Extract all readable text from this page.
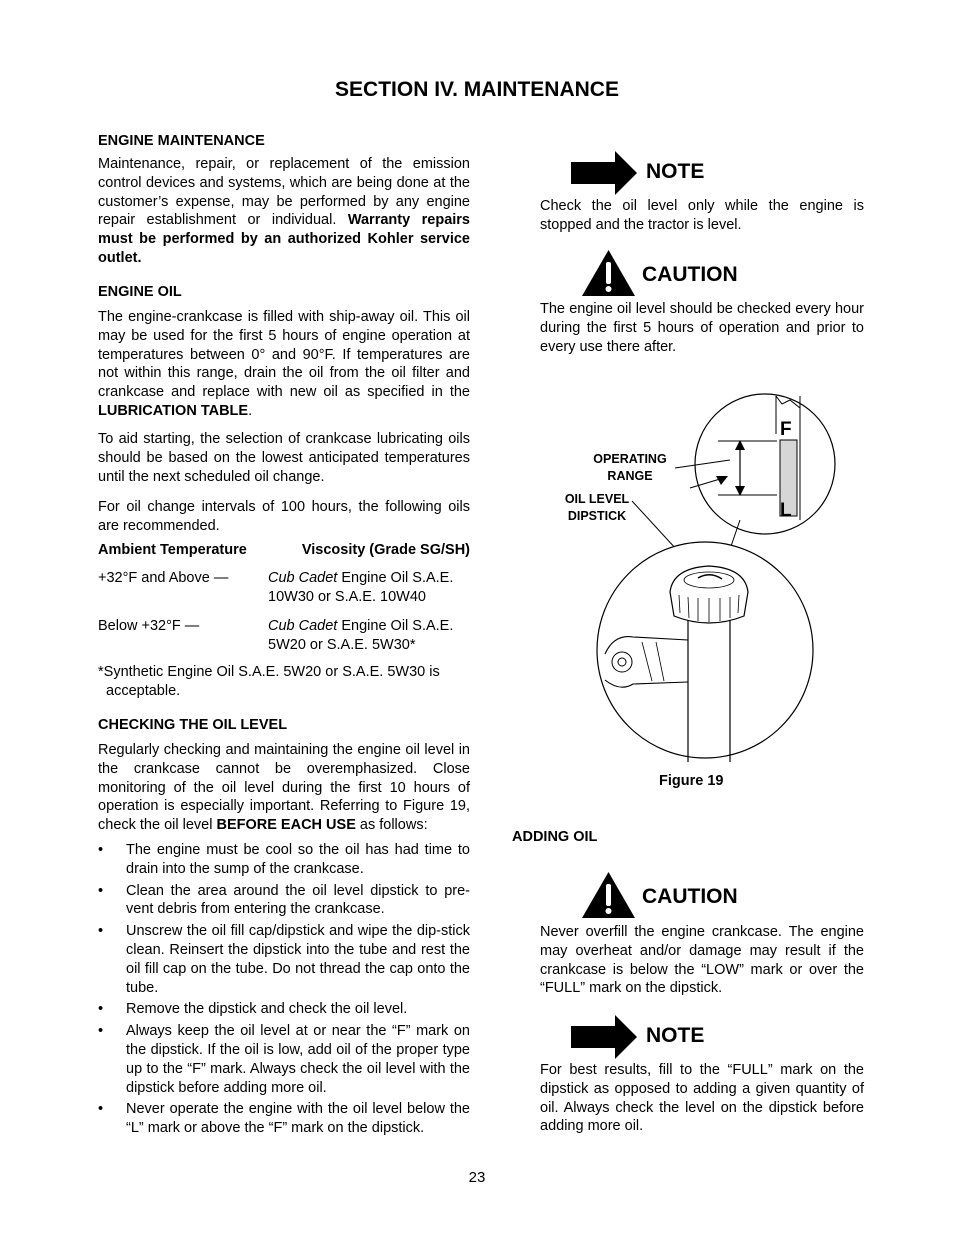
SECTION IV. MAINTENANCE
ENGINE MAINTENANCE
Maintenance, repair, or replacement of the emission control devices and systems, which are being done at the customer’s expense, may be performed by any engine repair establishment or individual. Warranty repairs must be performed by an authorized Kohler service outlet.
ENGINE OIL
The engine-crankcase is filled with ship-away oil. This oil may be used for the first 5 hours of engine operation at temperatures between 0° and 90°F. If temperatures are not within this range, drain the oil from the oil filter and crankcase and replace with new oil as specified in the LUBRICATION TABLE.
To aid starting, the selection of crankcase lubricating oils should be based on the lowest anticipated temperatures until the next scheduled oil change.
For oil change intervals of 100 hours, the following oils are recommended.
Ambient Temperature	Viscosity (Grade SG/SH)
+32°F and Above —	Cub Cadet Engine Oil S.A.E.
10W30 or S.A.E. 10W40
Below +32°F —	Cub Cadet Engine Oil S.A.E.
5W20 or S.A.E. 5W30*
*Synthetic Engine Oil S.A.E. 5W20 or S.A.E. 5W30 is
acceptable.
CHECKING THE OIL LEVEL
Regularly checking and maintaining the engine oil level in the crankcase cannot be overemphasized. Close monitoring of the oil level during the first 10 hours of operation is especially important. Referring to Figure 19, check the oil level BEFORE EACH USE as follows:
• The engine must be cool so the oil has had time to drain into the sump of the crankcase.
• Clean the area around the oil level dipstick to pre-vent debris from entering the crankcase.
• Unscrew the oil fill cap/dipstick and wipe the dip-stick clean. Reinsert the dipstick into the tube and rest the oil fill cap on the tube. Do not thread the cap onto the tube.
• Remove the dipstick and check the oil level.
• Always keep the oil level at or near the “F” mark on the dipstick. If the oil is low, add oil of the proper type up to the “F” mark. Always check the oil level with the dipstick before adding more oil.
• Never operate the engine with the oil level below the “L” mark or above the “F” mark on the dipstick.
NOTE
Check the oil level only while the engine is stopped and the tractor is level.
CAUTION
The engine oil level should be checked every hour during the first 5 hours of operation and prior to every use there after.
F
L
OPERATING
RANGE
OIL LEVEL
DIPSTICK
Figure 19
ADDING OIL
CAUTION
Never overfill the engine crankcase. The engine may overheat and/or damage may result if the crankcase is below the “LOW” mark or over the “FULL” mark on the dipstick.
NOTE
For best results, fill to the “FULL” mark on the dipstick as opposed to adding a given quantity of oil. Always check the level on the dipstick before adding more oil.
23
